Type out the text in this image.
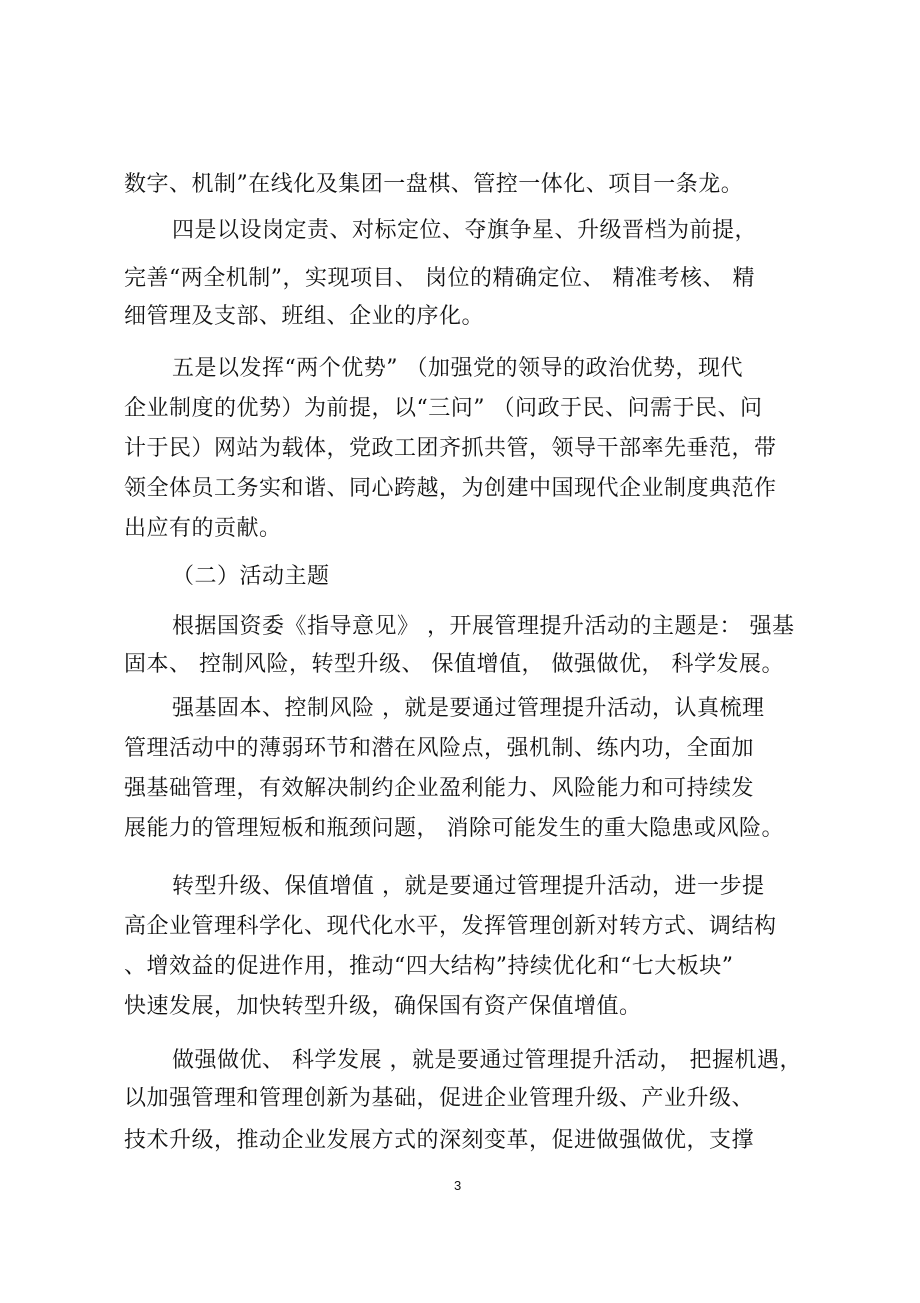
数字、机制”在线化及集团一盘棋、管控一体化、项目一条龙。
四是以设岗定责、对标定位、夺旗争星、升级晋档为前提，
完善“两全机制”，实现项目、 岗位的精确定位、 精准考核、 精
细管理及支部、班组、企业的序化。
五是以发挥“两个优势” （加强党的领导的政治优势，现代
企业制度的优势）为前提，以“三问” （问政于民、问需于民、问
计于民）网站为载体，党政工团齐抓共管，领导干部率先垂范，带
领全体员工务实和谐、同心跨越，为创建中国现代企业制度典范作
出应有的贡献。
（二）活动主题
根据国资委《指导意见》 ，开展管理提升活动的主题是： 强基
固本、 控制风险，转型升级、 保值增值， 做强做优， 科学发展。
强基固本、控制风险 ，就是要通过管理提升活动，认真梳理
管理活动中的薄弱环节和潜在风险点，强机制、练内功，全面加
强基础管理，有效解决制约企业盈利能力、风险能力和可持续发
展能力的管理短板和瓶颈问题， 消除可能发生的重大隐患或风险。
转型升级、保值增值 ，就是要通过管理提升活动，进一步提
高企业管理科学化、现代化水平，发挥管理创新对转方式、调结构
、增效益的促进作用，推动“四大结构”持续优化和“七大板块”
快速发展，加快转型升级，确保国有资产保值增值。
做强做优、 科学发展 ，就是要通过管理提升活动， 把握机遇，
以加强管理和管理创新为基础，促进企业管理升级、产业升级、
技术升级，推动企业发展方式的深刻变革，促进做强做优，支撑
3
